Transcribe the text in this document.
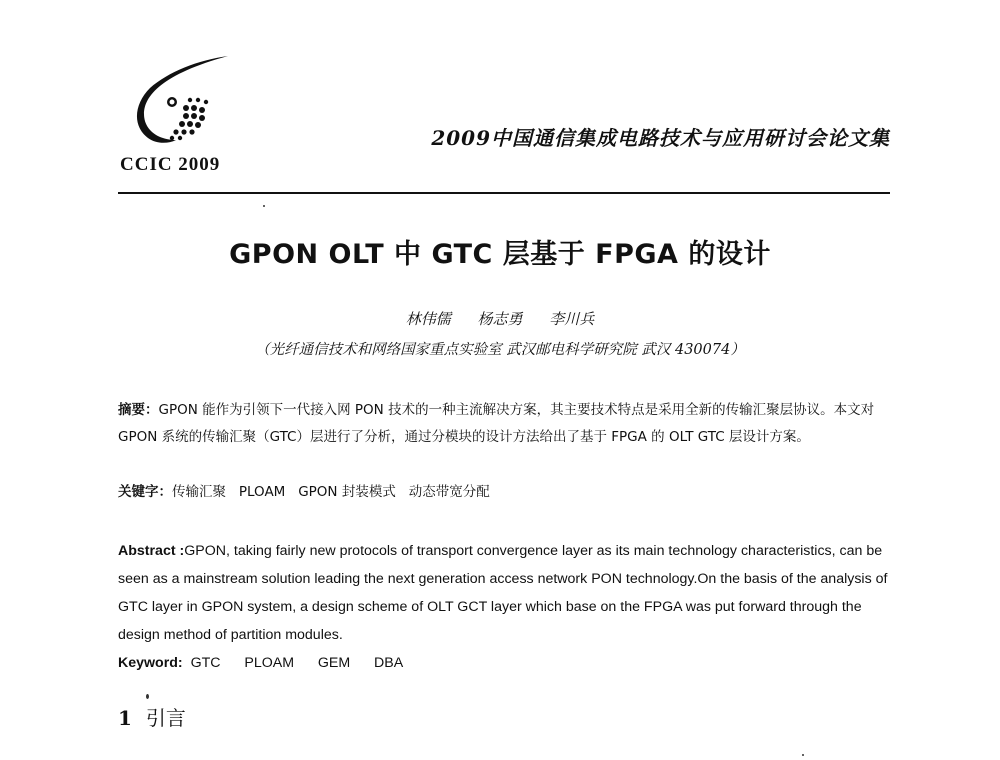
CCIC 2009
2009中国通信集成电路技术与应用研讨会论文集
GPON OLT 中 GTC 层基于 FPGA 的设计
林伟儒 杨志勇 李川兵
（光纤通信技术和网络国家重点实验室 武汉邮电科学研究院 武汉 430074）
摘要：GPON 能作为引领下一代接入网 PON 技术的一种主流解决方案，其主要技术特点是采用全新的传输汇聚层协议。本文对 GPON 系统的传输汇聚（GTC）层进行了分析，通过分模块的设计方法给出了基于 FPGA 的 OLT GTC 层设计方案。
关键字：传输汇聚   PLOAM   GPON 封装模式   动态带宽分配
Abstract :GPON, taking fairly new protocols of transport convergence layer as its main technology characteristics, can be seen as a mainstream solution leading the next generation access network PON technology.On the basis of the analysis of GTC layer in GPON system, a design scheme of OLT GCT layer which base on the FPGA was put forward through the design method of partition modules.
Keyword: GTC   PLOAM   GEM   DBA
1 引言
